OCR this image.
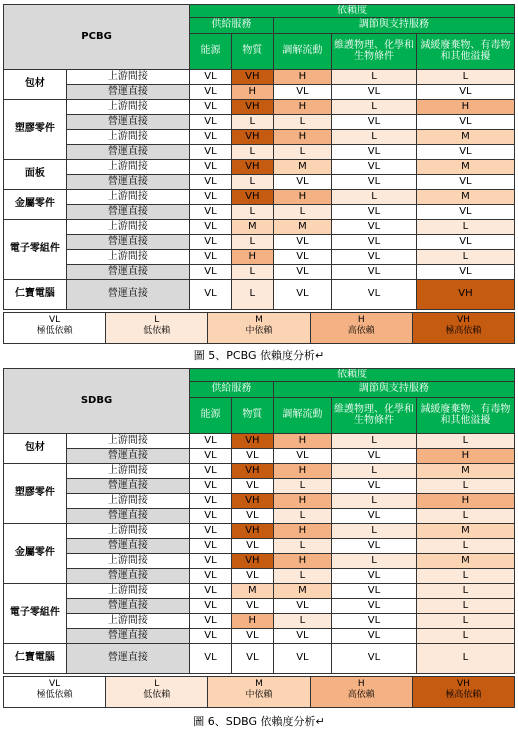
PCBG		依賴度				
		供給服務		調節與支持服務		
		能源	物質	調解流動	維護物理、化學和生物條件	減緩廢棄物、有毒物和其他溢擾
包材	上游間接	VL	VH	H	L	L
	營運直接	VL	H	VL	VL	VL
塑膠零件	上游間接	VL	VH	H	L	H
	營運直接	VL	L	L	VL	VL
	上游間接	VL	VH	H	L	M
	營運直接	VL	L	L	VL	VL
面板	上游間接	VL	VH	M	VL	M
	營運直接	VL	L	VL	VL	VL
金屬零件	上游間接	VL	VH	H	L	M
	營運直接	VL	L	L	VL	VL
電子零組件	上游間接	VL	M	M	VL	L
	營運直接	VL	L	VL	VL	VL
	上游間接	VL	H	VL	VL	L
	營運直接	VL	L	VL	VL	VL
仁寶電腦	營運直接	VL	L	VL	VL	VH
VL
極低依賴
L
低依賴
M
中依賴
H
高依賴
VH
極高依賴
圖 5、PCBG 依賴度分析↵
SDBG		依賴度				
		供給服務		調節與支持服務		
		能源	物質	調解流動	維護物理、化學和生物條件	減緩廢棄物、有毒物和其他溢擾
包材	上游間接	VL	VH	H	L	L
	營運直接	VL	VL	VL	VL	H
塑膠零件	上游間接	VL	VH	H	L	M
	營運直接	VL	VL	L	VL	L
	上游間接	VL	VH	H	L	H
	營運直接	VL	VL	L	VL	L
金屬零件	上游間接	VL	VH	H	L	M
	營運直接	VL	VL	L	VL	L
	上游間接	VL	VH	H	L	M
	營運直接	VL	VL	L	VL	L
電子零組件	上游間接	VL	M	M	VL	L
	營運直接	VL	VL	VL	VL	L
	上游間接	VL	H	L	VL	L
	營運直接	VL	VL	VL	VL	L
仁寶電腦	營運直接	VL	VL	VL	VL	L
VL
極低依賴
L
低依賴
M
中依賴
H
高依賴
VH
極高依賴
圖 6、SDBG 依賴度分析↵
